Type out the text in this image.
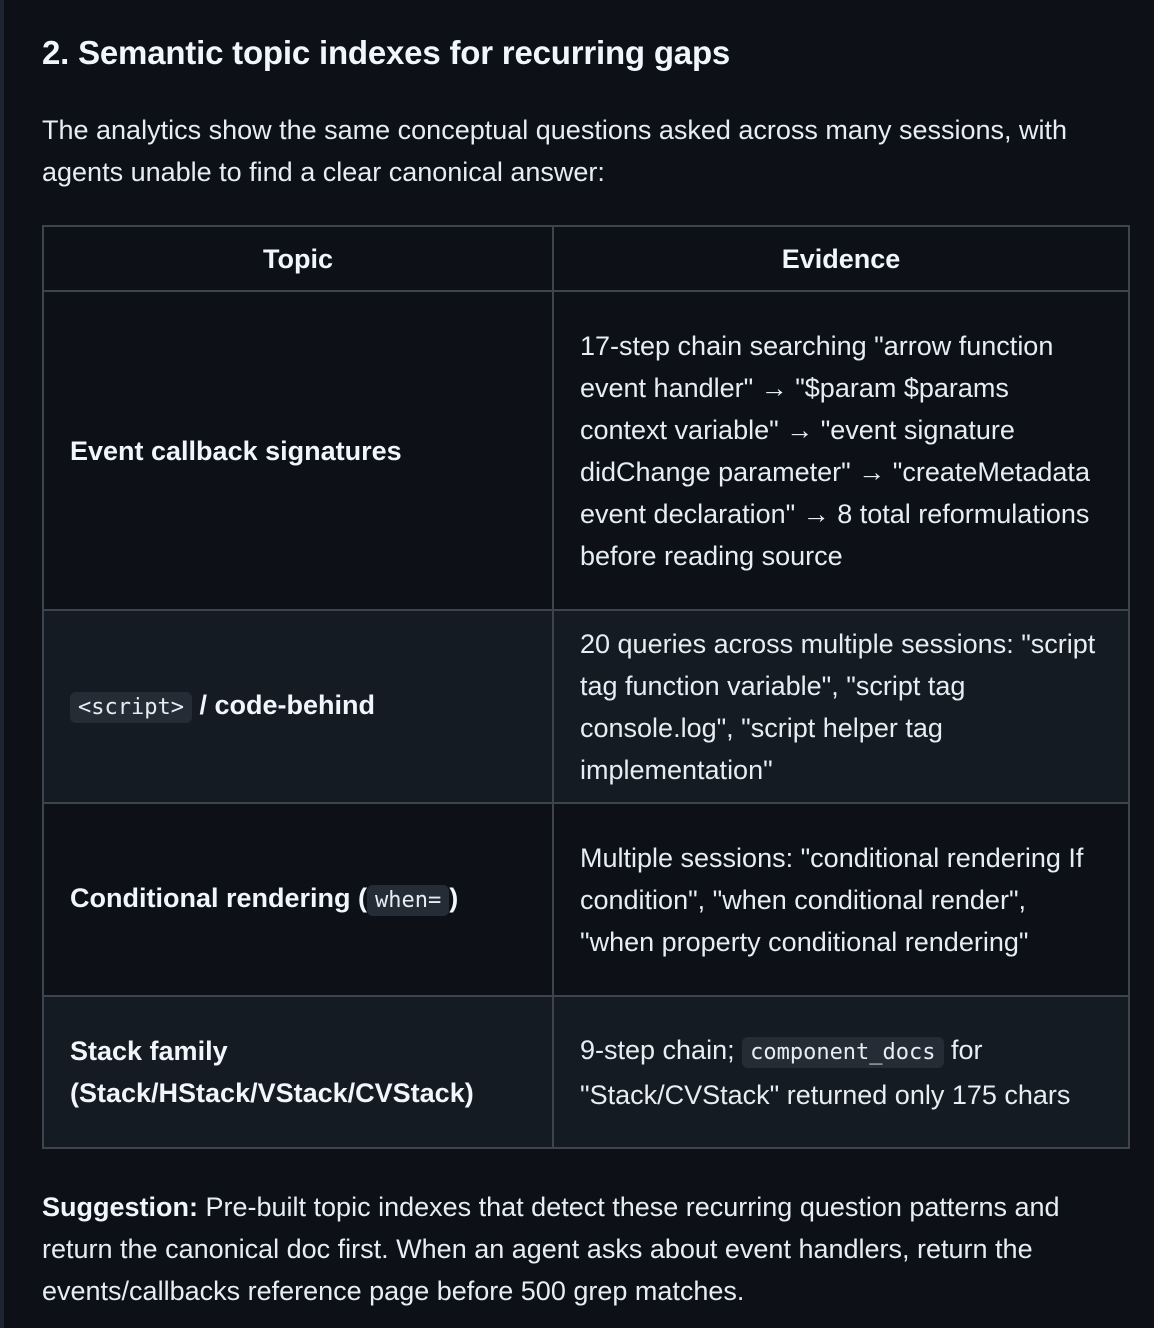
2. Semantic topic indexes for recurring gaps

The analytics show the same conceptual questions asked across many sessions, with agents unable to find a clear canonical answer:

Topic	Evidence
Event callback signatures	17-step chain searching "arrow function event handler" → "$param $params context variable" → "event signature didChange parameter" → "createMetadata event declaration" → 8 total reformulations before reading source
<script> / code-behind	20 queries across multiple sessions: "script tag function variable", "script tag console.log", "script helper tag implementation"
Conditional rendering ( when= )	Multiple sessions: "conditional rendering If condition", "when conditional render", "when property conditional rendering"
Stack family (Stack/HStack/VStack/CVStack)	9-step chain; component_docs for "Stack/CVStack" returned only 175 chars

Suggestion: Pre-built topic indexes that detect these recurring question patterns and return the canonical doc first. When an agent asks about event handlers, return the events/callbacks reference page before 500 grep matches.
